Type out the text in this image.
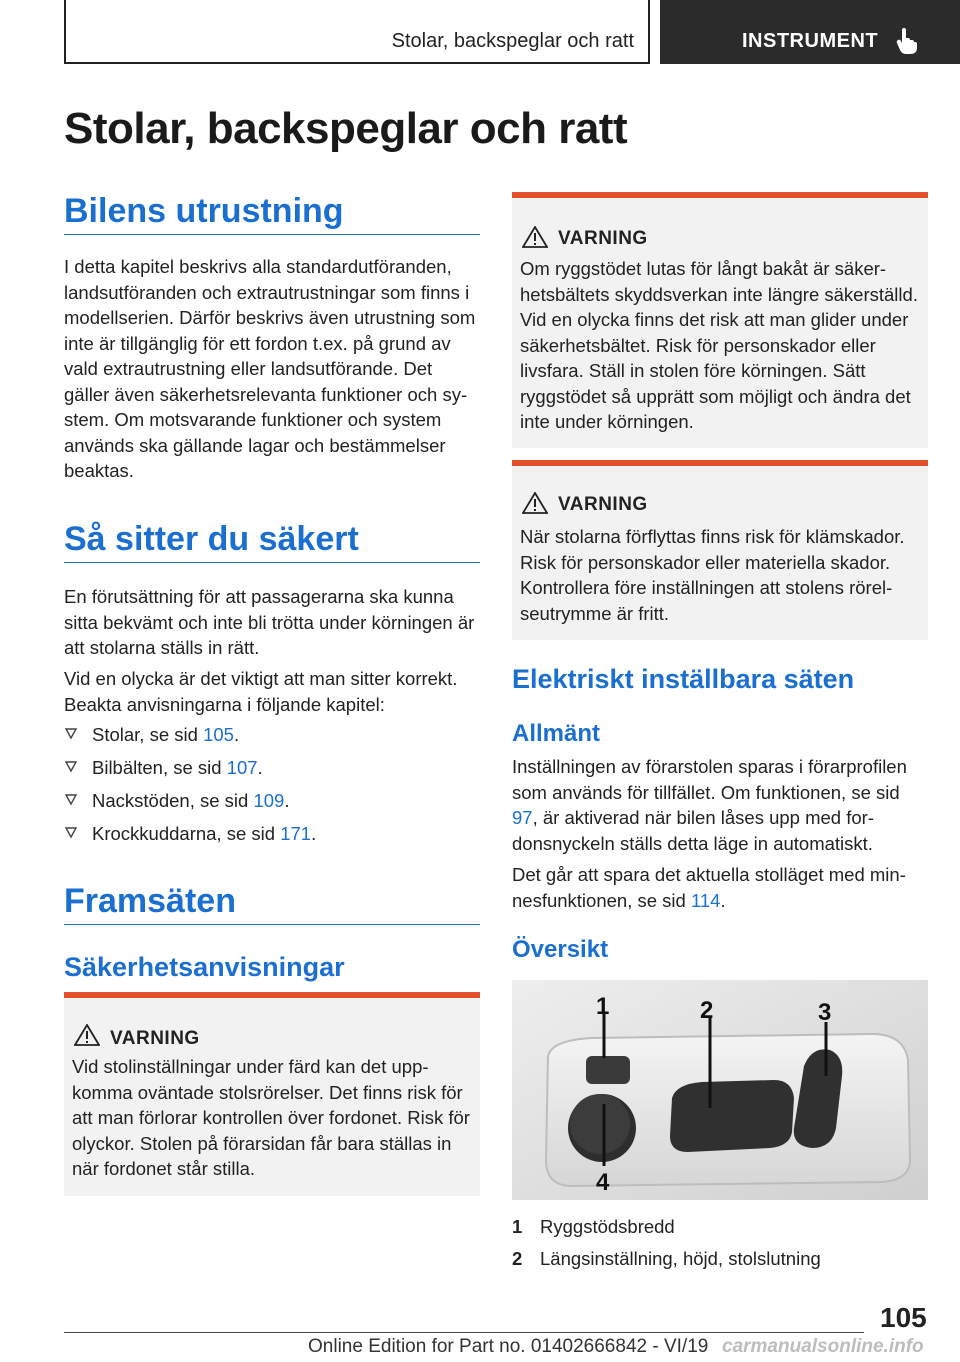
Stolar, backspeglar och ratt	INSTRUMENT
Stolar, backspeglar och ratt
Bilens utrustning

I detta kapitel beskrivs alla standardutföranden, landsutföranden och extrautrustningar som finns i modellserien. Därför beskrivs även utrustning som inte är tillgänglig för ett fordon t.ex. på grund av vald extrautrustning eller landsutförande. Det gäller även säkerhetsrelevanta funktioner och system. Om motsvarande funktioner och system används ska gällande lagar och bestämmelser beaktas.

Så sitter du säkert

En förutsättning för att passagerarna ska kunna sitta bekvämt och inte bli trötta under körningen är att stolarna ställs in rätt.

Vid en olycka är det viktigt att man sitter korrekt. Beakta anvisningarna i följande kapitel:

Stolar, se sid 105.
Bilbälten, se sid 107.
Nackstöden, se sid 109.
Krockkuddarna, se sid 171.
Framsäten
Säkerhetsanvisningar
VARNING

Vid stolinställningar under färd kan det uppkomma oväntade stolsrörelser. Det finns risk för att man förlorar kontrollen över fordonet. Risk för olyckor. Stolen på förarsidan får bara ställas in när fordonet står stilla.

VARNING

Om ryggstödet lutas för långt bakåt är säkerhetsbältets skyddsverkan inte längre säkerställd. Vid en olycka finns det risk att man glider under säkerhetsbältet. Risk för personskador eller livsfara. Ställ in stolen före körningen. Sätt ryggstödet så upprätt som möjligt och ändra det inte under körningen.

VARNING

När stolarna förflyttas finns risk för klämskador. Risk för personskador eller materiella skador. Kontrollera före inställningen att stolens rörelseutrymme är fritt.

Elektriskt inställbara säten
Allmänt

Inställningen av förarstolen sparas i förarprofilen som används för tillfället. Om funktionen, se sid 97, är aktiverad när bilen låses upp med fordonsnyckeln ställs detta läge in automatiskt.

Det går att spara det aktuella stolläget med minnesfunktionen, se sid 114.

Översikt
1	2	3
4
1 Ryggstödsbredd
2 Längsinställning, höjd, stolslutning
105
Online Edition for Part no. 01402666842 - VI/19 carmanualsonline.info
